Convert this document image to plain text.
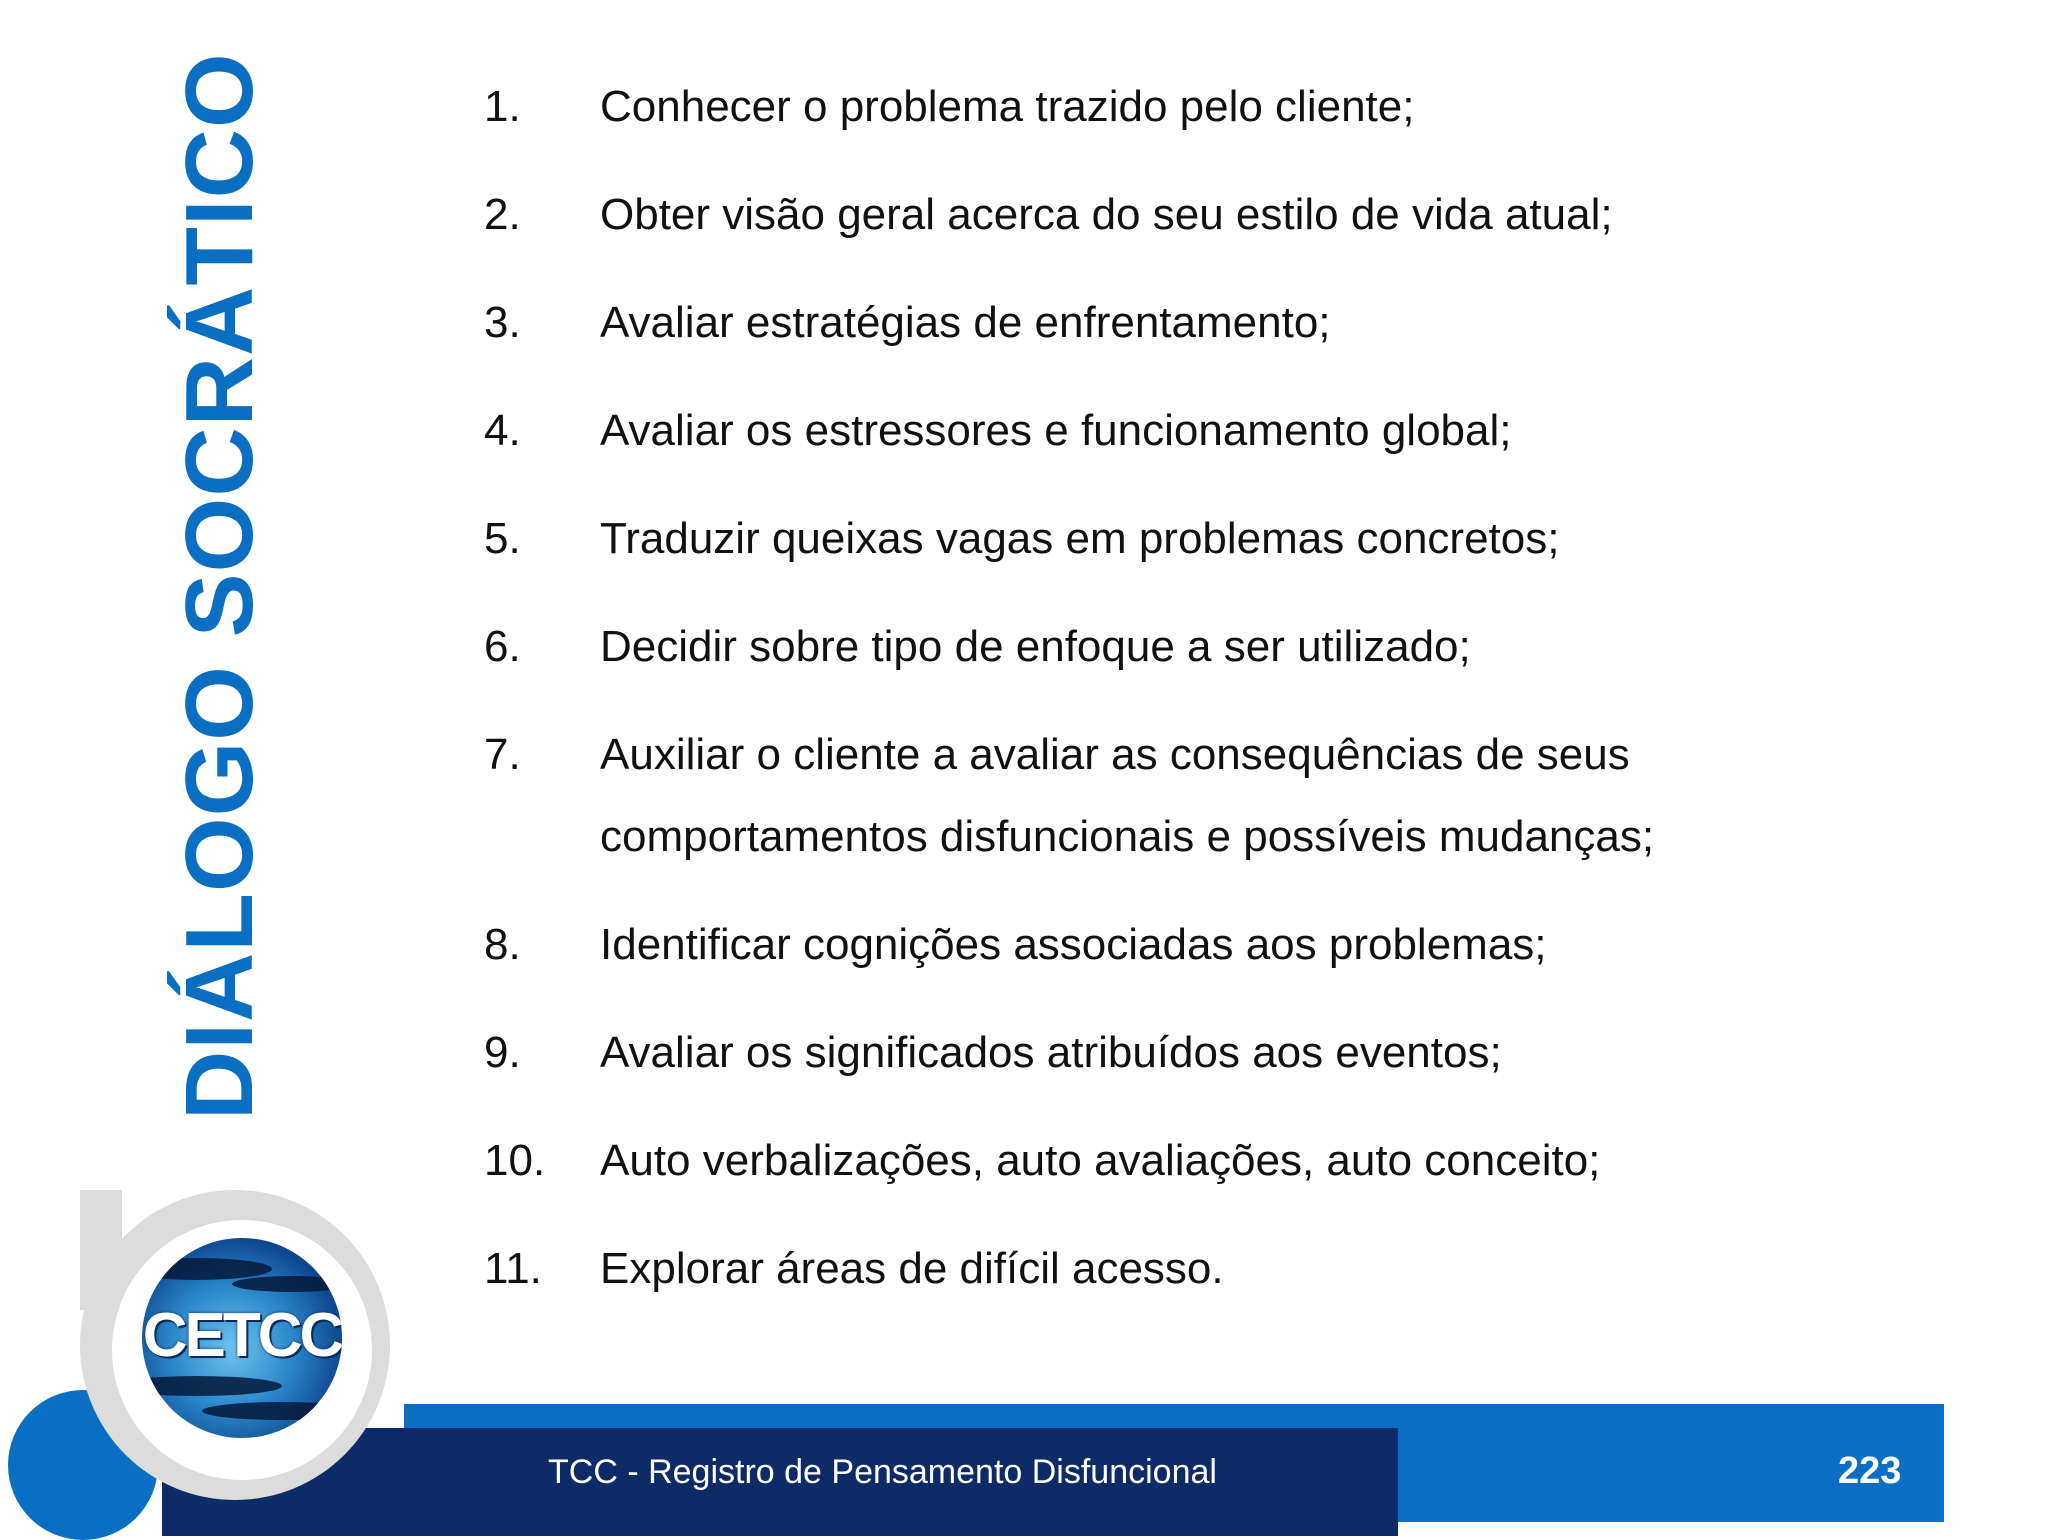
DIÁLOGO SOCRÁTICO	1.	Conhecer o problema trazido pelo cliente;
2.	Obter visão geral acerca do seu estilo de vida atual;
3.	Avaliar estratégias de enfrentamento;
4.	Avaliar os estressores e funcionamento global;
5.	Traduzir queixas vagas em problemas concretos;
6.	Decidir sobre tipo de enfoque a ser utilizado;
7.	Auxiliar o cliente a avaliar as consequências de seus comportamentos disfuncionais e possíveis mudanças;
8.	Identificar cognições associadas aos problemas;
9.	Avaliar os significados atribuídos aos eventos;
10.	Auto verbalizações, auto avaliações, auto conceito;
11.	Explorar áreas de difícil acesso.
TCC - Registro de Pensamento Disfuncional	223
CETCC
